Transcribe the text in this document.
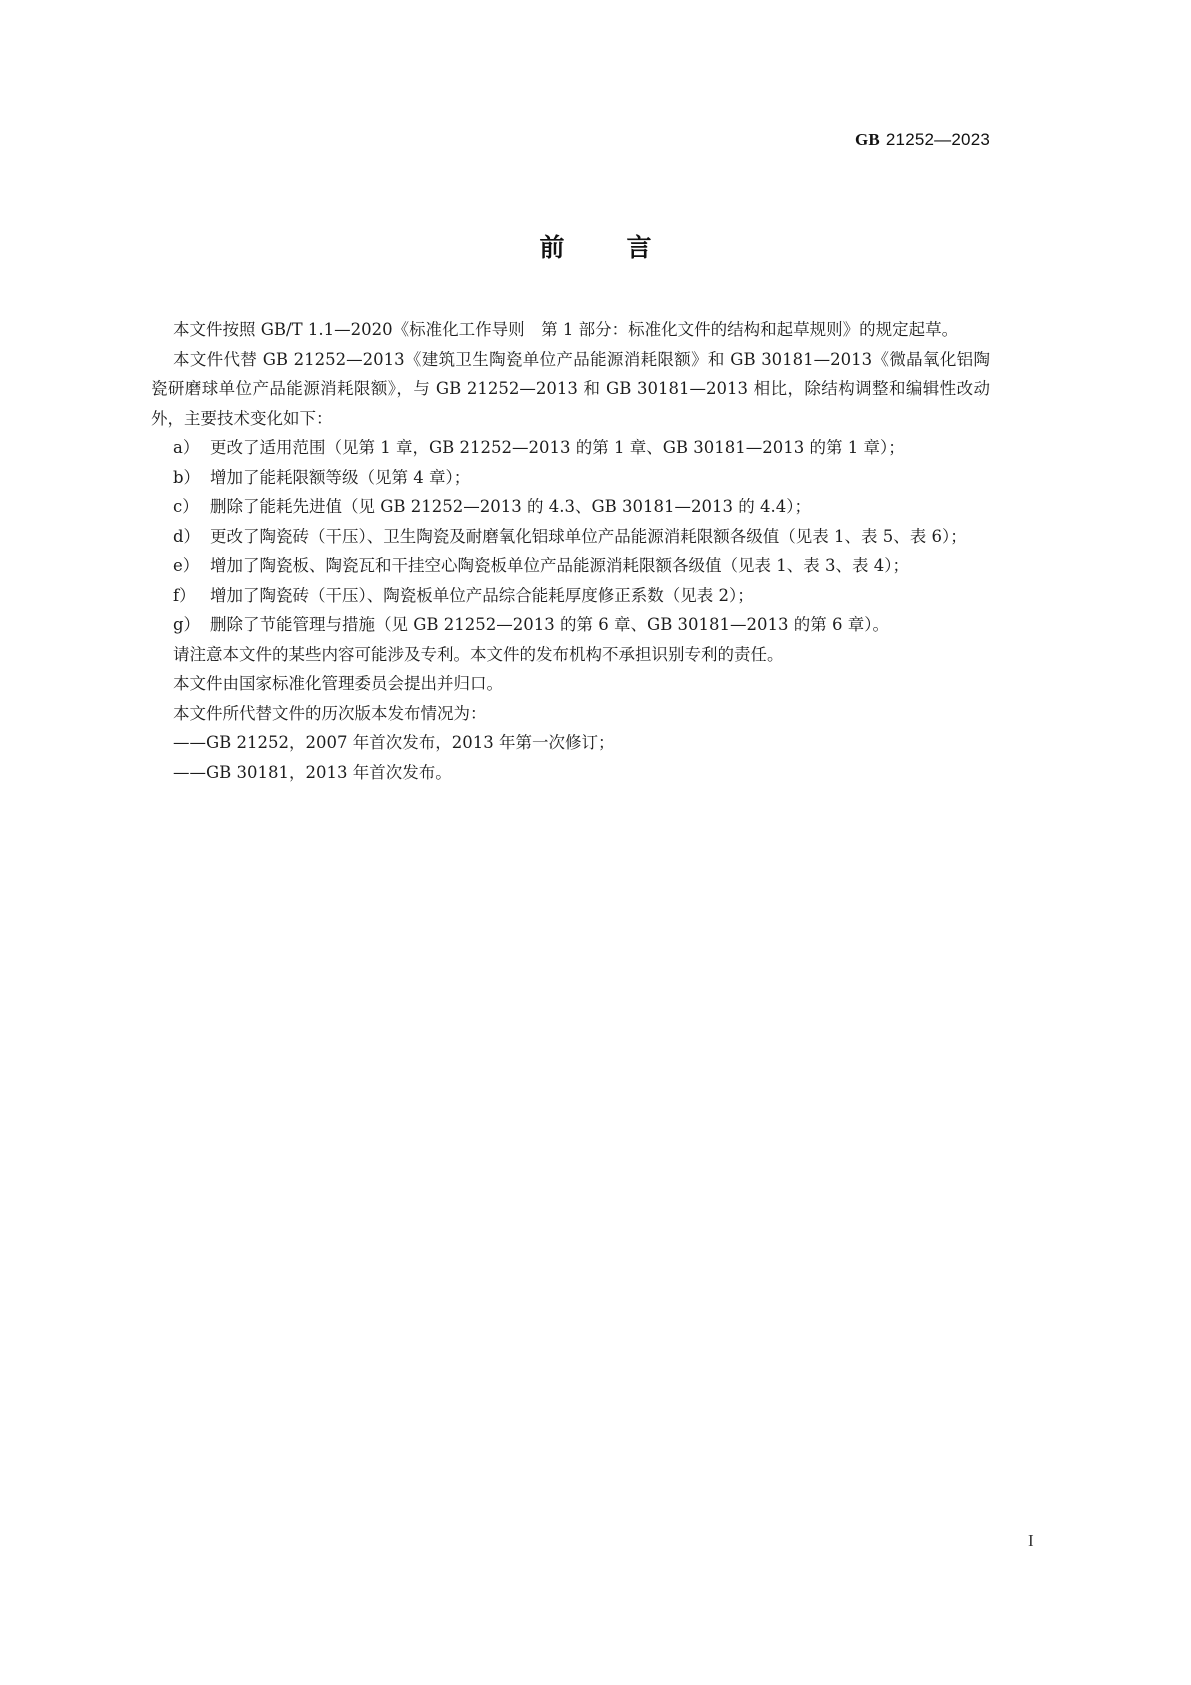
GB 21252—2023
前 言

本文件按照 GB/T 1.1—2020《标准化工作导则　第 1 部分：标准化文件的结构和起草规则》的规定起草。

本文件代替 GB 21252—2013《建筑卫生陶瓷单位产品能源消耗限额》和 GB 30181—2013《微晶氧化铝陶瓷研磨球单位产品能源消耗限额》，与 GB 21252—2013 和 GB 30181—2013 相比，除结构调整和编辑性改动外，主要技术变化如下：

a） 更改了适用范围（见第 1 章，GB 21252—2013 的第 1 章、GB 30181—2013 的第 1 章）；
b） 增加了能耗限额等级（见第 4 章）；
c） 删除了能耗先进值（见 GB 21252—2013 的 4.3、GB 30181—2013 的 4.4）；
d） 更改了陶瓷砖（干压）、卫生陶瓷及耐磨氧化铝球单位产品能源消耗限额各级值（见表 1、表 5、表 6）；
e） 增加了陶瓷板、陶瓷瓦和干挂空心陶瓷板单位产品能源消耗限额各级值（见表 1、表 3、表 4）；
f） 增加了陶瓷砖（干压）、陶瓷板单位产品综合能耗厚度修正系数（见表 2）；
g） 删除了节能管理与措施（见 GB 21252—2013 的第 6 章、GB 30181—2013 的第 6 章）。

请注意本文件的某些内容可能涉及专利。本文件的发布机构不承担识别专利的责任。

本文件由国家标准化管理委员会提出并归口。

本文件所代替文件的历次版本发布情况为：

——GB 21252，2007 年首次发布，2013 年第一次修订；

——GB 30181，2013 年首次发布。

I
